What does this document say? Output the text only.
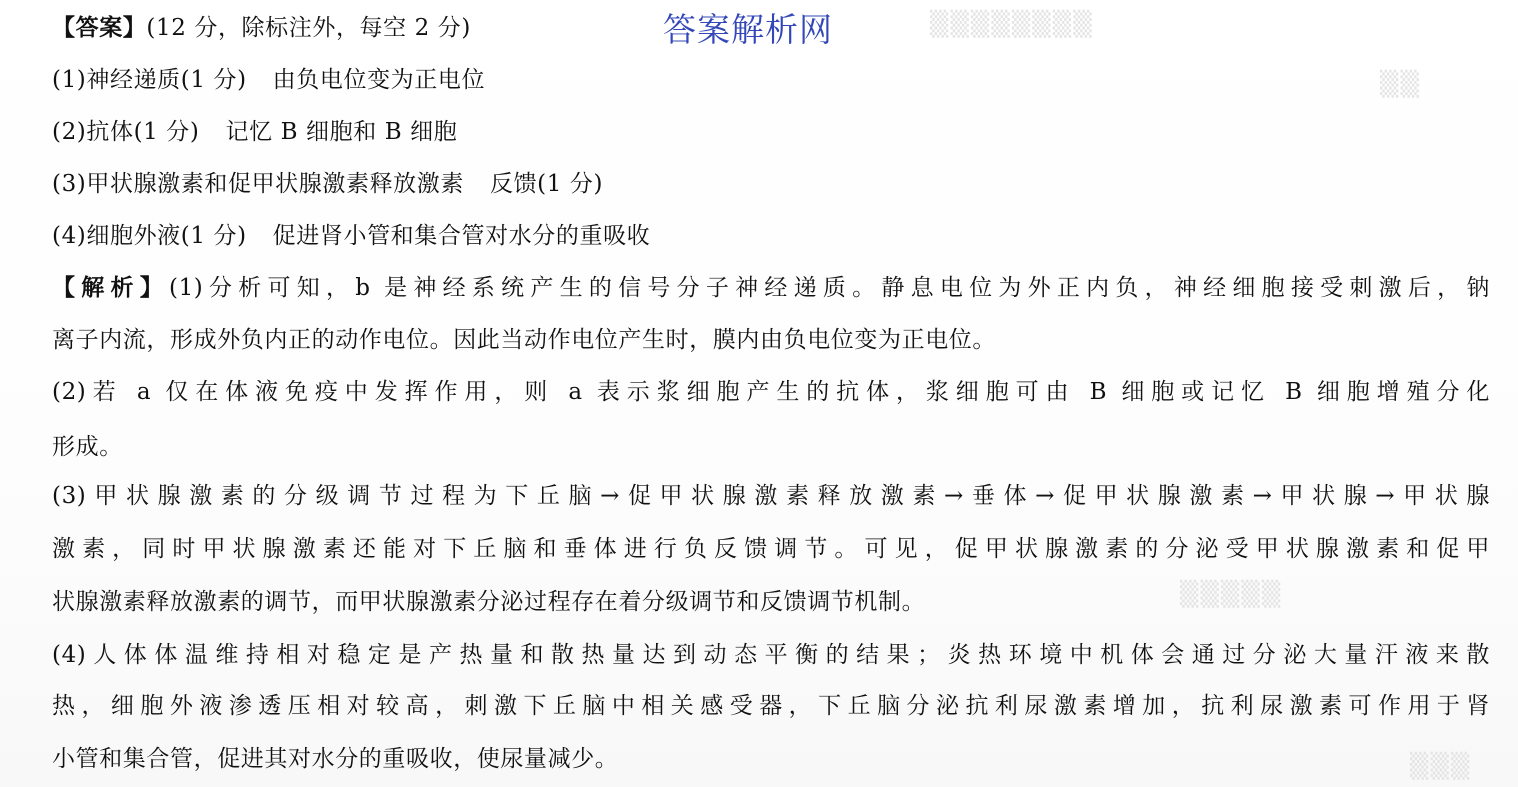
▒▒▒▒▒▒▒▒
▒▒
▒▒▒▒▒
▒▒▒
答案解析网
【答案】(12 分，除标注外，每空 2 分)
(1)神经递质(1 分) 由负电位变为正电位
(2)抗体(1 分) 记忆 B 细胞和 B 细胞
(3)甲状腺激素和促甲状腺激素释放激素 反馈(1 分)
(4)细胞外液(1 分) 促进肾小管和集合管对水分的重吸收
【解析】(1)分析可知，b 是神经系统产生的信号分子神经递质。静息电位为外正内负，神经细胞接受刺激后，钠
离子内流，形成外负内正的动作电位。因此当动作电位产生时，膜内由负电位变为正电位。
(2)若 a 仅在体液免疫中发挥作用，则 a 表示浆细胞产生的抗体，浆细胞可由 B 细胞或记忆 B 细胞增殖分化
形成。
(3)甲状腺激素的分级调节过程为下丘脑→促甲状腺激素释放激素→垂体→促甲状腺激素→甲状腺→甲状腺
激素，同时甲状腺激素还能对下丘脑和垂体进行负反馈调节。可见，促甲状腺激素的分泌受甲状腺激素和促甲
状腺激素释放激素的调节，而甲状腺激素分泌过程存在着分级调节和反馈调节机制。
(4)人体体温维持相对稳定是产热量和散热量达到动态平衡的结果；炎热环境中机体会通过分泌大量汗液来散
热，细胞外液渗透压相对较高，刺激下丘脑中相关感受器，下丘脑分泌抗利尿激素增加，抗利尿激素可作用于肾
小管和集合管，促进其对水分的重吸收，使尿量减少。
